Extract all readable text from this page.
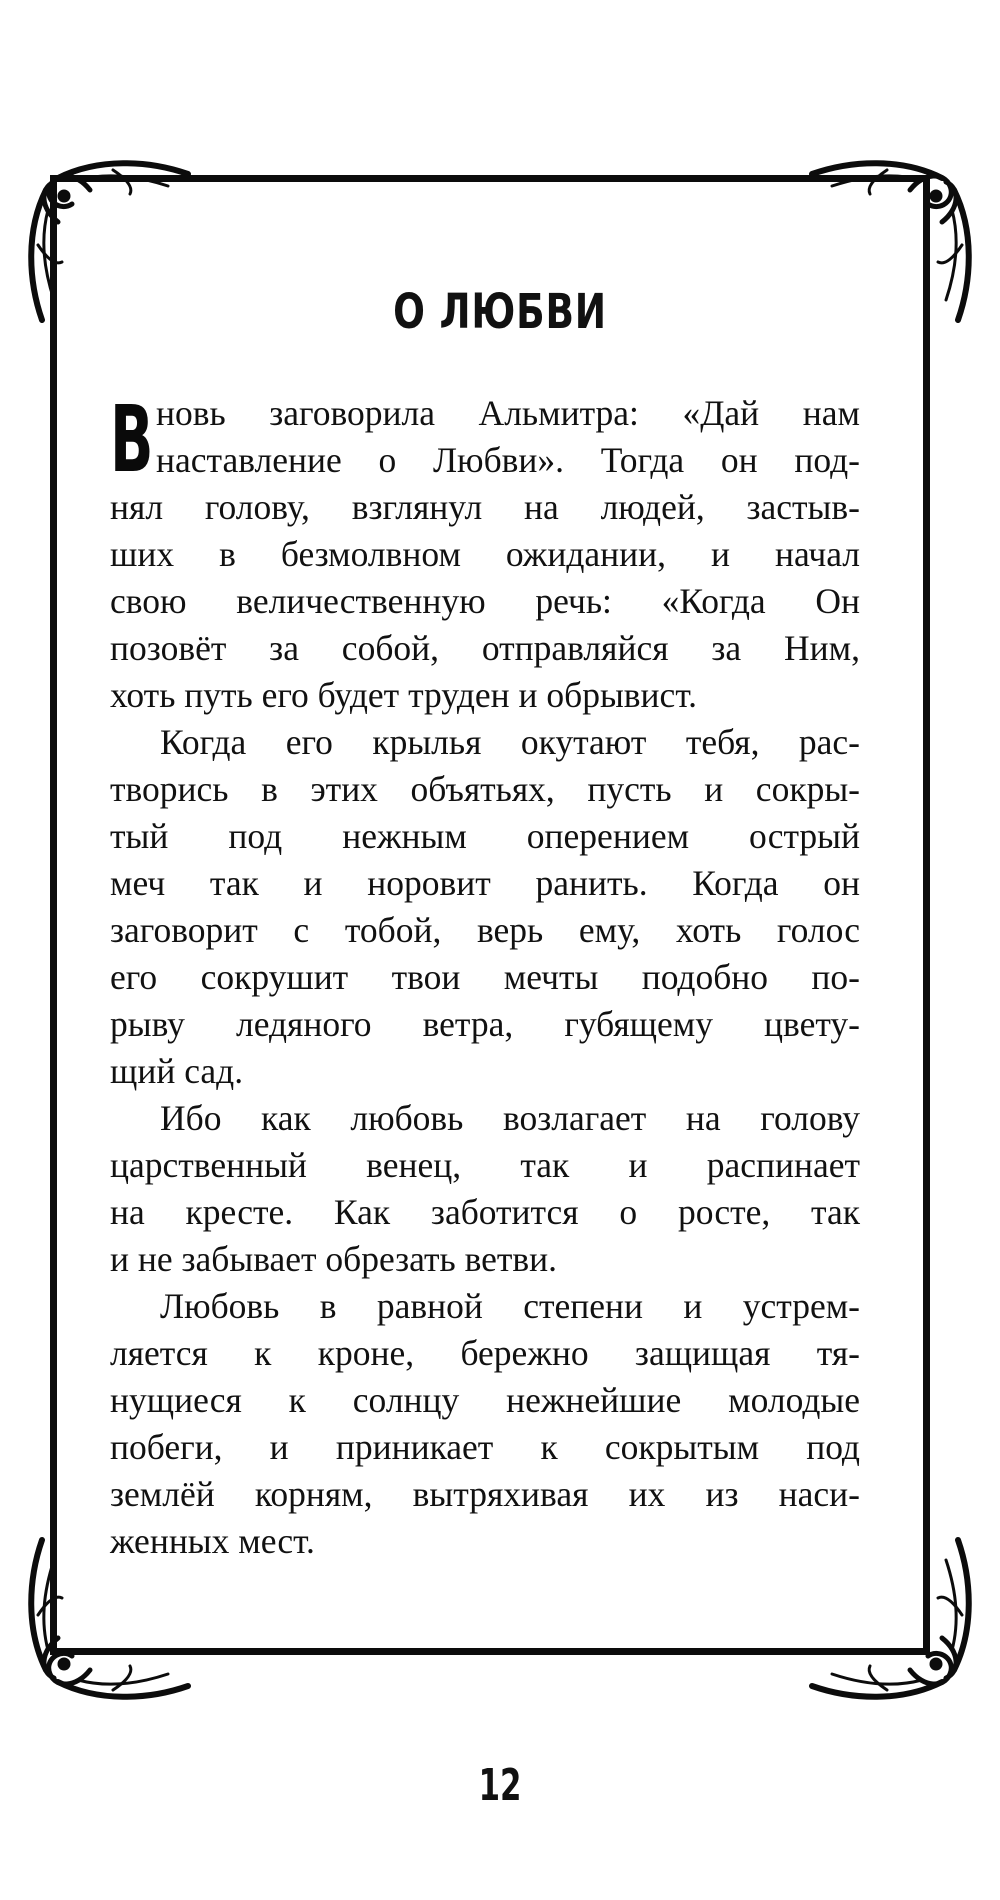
О ЛЮБВИ
В новь заговорила Альмитра: «Дай нам
наставление о Любви». Тогда он под-
нял голову, взглянул на людей, застыв-
ших в безмолвном ожидании, и начал
свою величественную речь: «Когда Он
позовёт за собой, отправляйся за Ним,
хоть путь его будет труден и обрывист.
Когда его крылья окутают тебя, рас-
творись в этих объятьях, пусть и сокры-
тый под нежным оперением острый
меч так и норовит ранить. Когда он
заговорит с тобой, верь ему, хоть голос
его сокрушит твои мечты подобно по-
рыву ледяного ветра, губящему цвету-
щий сад.
Ибо как любовь возлагает на голову
царственный венец, так и распинает
на кресте. Как заботится о росте, так
и не забывает обрезать ветви.
Любовь в равной степени и устрем-
ляется к кроне, бережно защищая тя-
нущиеся к солнцу нежнейшие молодые
побеги, и приникает к сокрытым под
землёй корням, вытряхивая их из наси-
женных мест.
12
